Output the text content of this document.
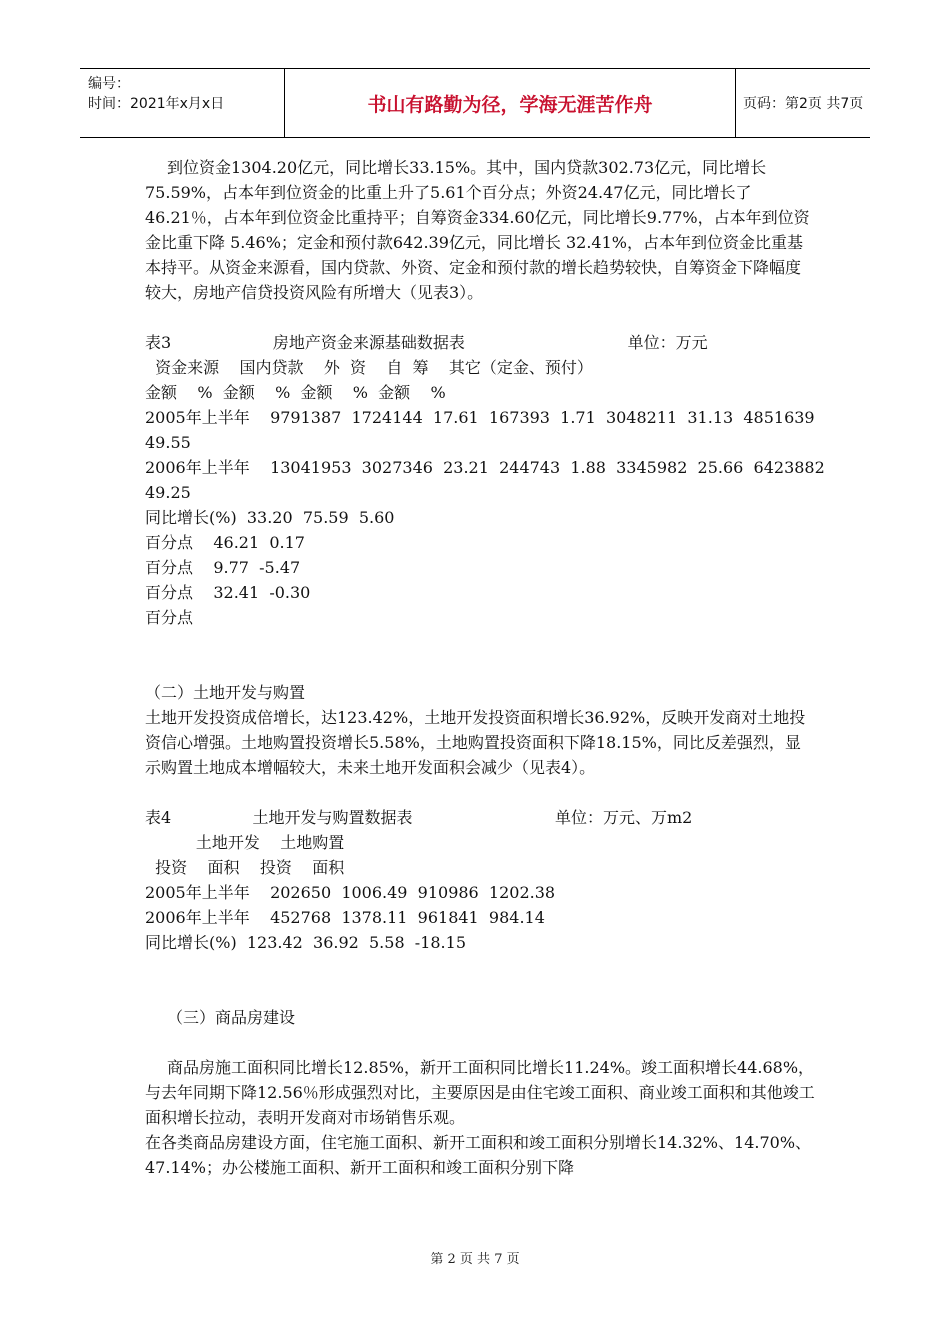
编号：
时间：2021年x月x日	书山有路勤为径，学海无涯苦作舟	页码：第2页 共7页

到位资金1304.20亿元，同比增长33.15%。其中，国内贷款302.73亿元，同比增长75.59%，占本年到位资金的比重上升了5.61个百分点；外资24.47亿元，同比增长了46.21％，占本年到位资金比重持平；自筹资金334.60亿元，同比增长9.77%，占本年到位资金比重下降 5.46%；定金和预付款642.39亿元，同比增长 32.41%，占本年到位资金比重基本持平。从资金来源看，国内贷款、外资、定金和预付款的增长趋势较快，自筹资金下降幅度较大，房地产信贷投资风险有所增大（见表3）。

表3                    房地产资金来源基础数据表                                单位：万元

资金来源    国内贷款    外  资    自  筹    其它（定金、预付）

金额    %  金额    %  金额    %  金额    %

2005年上半年    9791387  1724144  17.61  167393  1.71  3048211  31.13  4851639

49.55

2006年上半年    13041953  3027346  23.21  244743  1.88  3345982  25.66  6423882

49.25

同比增长(%)  33.20  75.59  5.60

百分点    46.21  0.17

百分点    9.77  -5.47

百分点    32.41  -0.30

百分点

（二）土地开发与购置

土地开发投资成倍增长，达123.42%，土地开发投资面积增长36.92%，反映开发商对土地投资信心增强。土地购置投资增长5.58%，土地购置投资面积下降18.15%，同比反差强烈，显示购置土地成本增幅较大，未来土地开发面积会减少（见表4）。

表4                土地开发与购置数据表                            单位：万元、万m2

土地开发    土地购置

投资    面积    投资    面积

2005年上半年    202650  1006.49  910986  1202.38

2006年上半年    452768  1378.11  961841  984.14

同比增长(%)  123.42  36.92  5.58  -18.15

（三）商品房建设

商品房施工面积同比增长12.85%，新开工面积同比增长11.24%。竣工面积增长44.68%，与去年同期下降12.56％形成强烈对比，主要原因是由住宅竣工面积、商业竣工面积和其他竣工面积增长拉动，表明开发商对市场销售乐观。

在各类商品房建设方面，住宅施工面积、新开工面积和竣工面积分别增长14.32%、14.70%、47.14%；办公楼施工面积、新开工面积和竣工面积分别下降

第 2 页 共 7 页
